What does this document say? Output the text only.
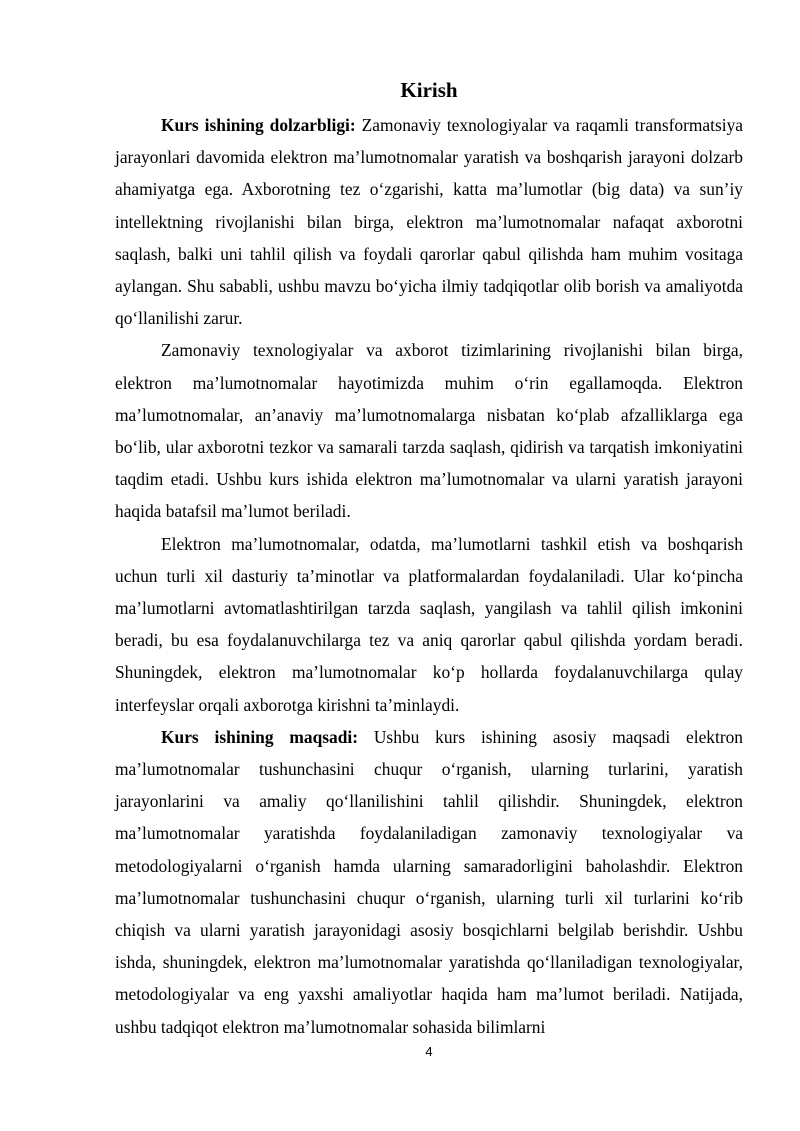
Kirish

Kurs ishining dolzarbligi: Zamonaviy texnologiyalar va raqamli transformatsiya jarayonlari davomida elektron ma’lumotnomalar yaratish va boshqarish jarayoni dolzarb ahamiyatga ega. Axborotning tez o‘zgarishi, katta ma’lumotlar (big data) va sun’iy intellektning rivojlanishi bilan birga, elektron ma’lumotnomalar nafaqat axborotni saqlash, balki uni tahlil qilish va foydali qarorlar qabul qilishda ham muhim vositaga aylangan. Shu sababli, ushbu mavzu bo‘yicha ilmiy tadqiqotlar olib borish va amaliyotda qo‘llanilishi zarur.

Zamonaviy texnologiyalar va axborot tizimlarining rivojlanishi bilan birga, elektron ma’lumotnomalar hayotimizda muhim o‘rin egallamoqda. Elektron ma’lumotnomalar, an’anaviy ma’lumotnomalarga nisbatan ko‘plab afzalliklarga ega bo‘lib, ular axborotni tezkor va samarali tarzda saqlash, qidirish va tarqatish imkoniyatini taqdim etadi. Ushbu kurs ishida elektron ma’lumotnomalar va ularni yaratish jarayoni haqida batafsil ma’lumot beriladi.

Elektron ma’lumotnomalar, odatda, ma’lumotlarni tashkil etish va boshqarish uchun turli xil dasturiy ta’minotlar va platformalardan foydalaniladi. Ular ko‘pincha ma’lumotlarni avtomatlashtirilgan tarzda saqlash, yangilash va tahlil qilish imkonini beradi, bu esa foydalanuvchilarga tez va aniq qarorlar qabul qilishda yordam beradi. Shuningdek, elektron ma’lumotnomalar ko‘p hollarda foydalanuvchilarga qulay interfeyslar orqali axborotga kirishni ta’minlaydi.

Kurs ishining maqsadi: Ushbu kurs ishining asosiy maqsadi elektron ma’lumotnomalar tushunchasini chuqur o‘rganish, ularning turlarini, yaratish jarayonlarini va amaliy qo‘llanilishini tahlil qilishdir. Shuningdek, elektron ma’lumotnomalar yaratishda foydalaniladigan zamonaviy texnologiyalar va metodologiyalarni o‘rganish hamda ularning samaradorligini baholashdir. Elektron ma’lumotnomalar tushunchasini chuqur o‘rganish, ularning turli xil turlarini ko‘rib chiqish va ularni yaratish jarayonidagi asosiy bosqichlarni belgilab berishdir. Ushbu ishda, shuningdek, elektron ma’lumotnomalar yaratishda qo‘llaniladigan texnologiyalar, metodologiyalar va eng yaxshi amaliyotlar haqida ham ma’lumot beriladi. Natijada, ushbu tadqiqot elektron ma’lumotnomalar sohasida bilimlarni

4
